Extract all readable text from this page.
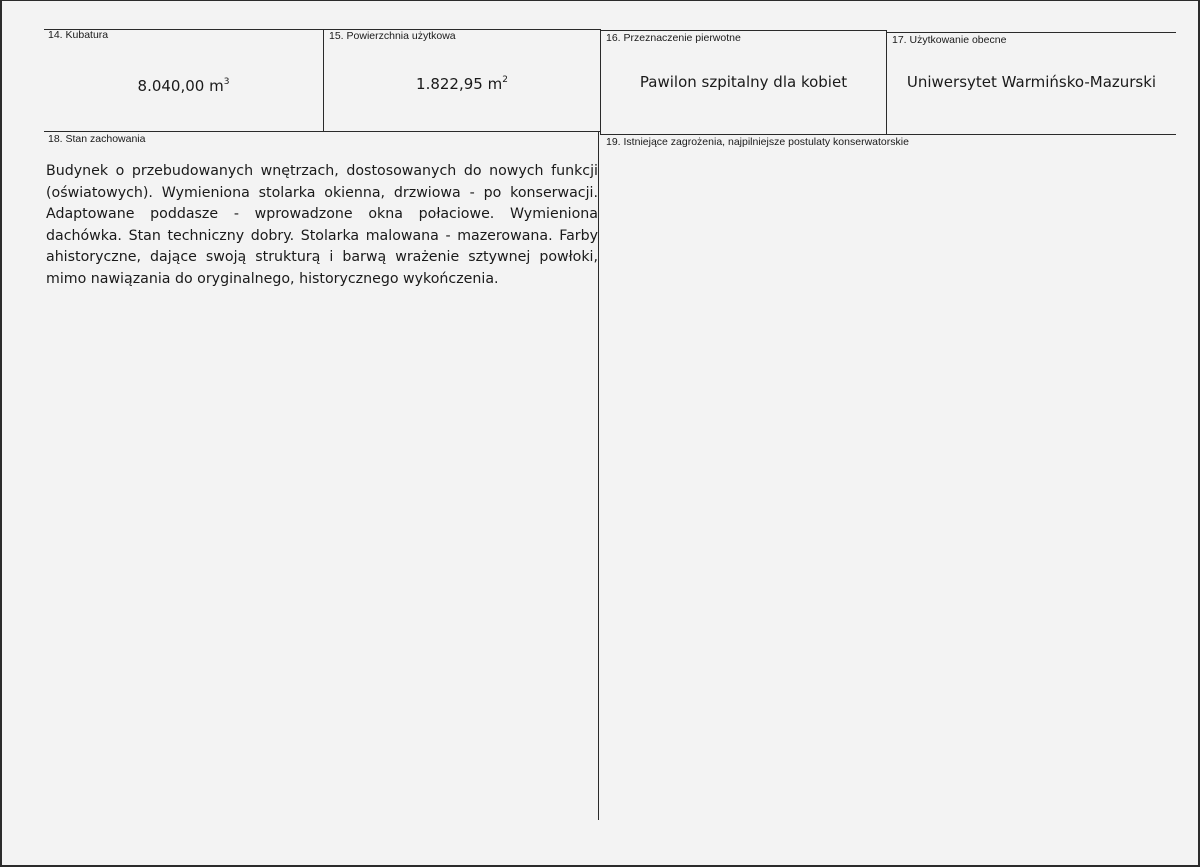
14. Kubatura
8.040,00 $m^3$
15. Powierzchnia użytkowa
1.822,95 $m^2$
16. Przeznaczenie pierwotne
Pawilon szpitalny dla kobiet
17. Użytkowanie obecne
Uniwersytet Warmińsko-Mazurski
18. Stan zachowania
Budynek o przebudowanych wnętrzach, dostosowanych do nowych funkcji (oświatowych). Wymieniona stolarka okienna, drzwiowa - po konserwacji. Adaptowane poddasze - wprowadzone okna połaciowe. Wymieniona dachówka. Stan techniczny dobry. Stolarka malowana - mazerowana. Farby ahistoryczne, dające swoją strukturą i barwą wrażenie sztywnej powłoki, mimo nawiązania do oryginalnego, historycznego wykończenia.
19. Istniejące zagrożenia, najpilniejsze postulaty konserwatorskie
